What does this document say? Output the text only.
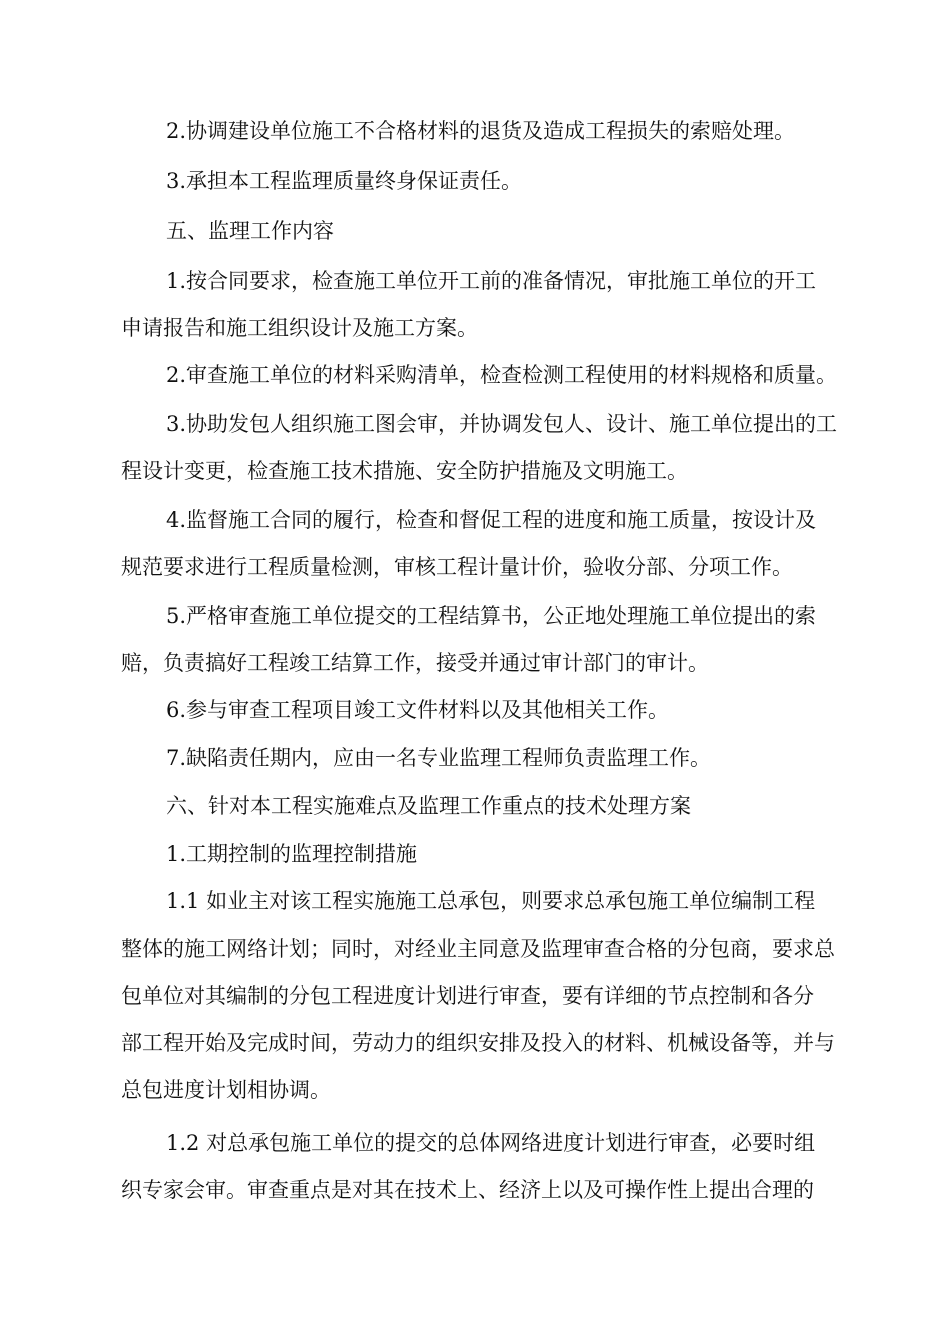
2.协调建设单位施工不合格材料的退货及造成工程损失的索赔处理。
3.承担本工程监理质量终身保证责任。
五、监理工作内容
1.按合同要求，检查施工单位开工前的准备情况，审批施工单位的开工
申请报告和施工组织设计及施工方案。
2.审查施工单位的材料采购清单，检查检测工程使用的材料规格和质量。
3.协助发包人组织施工图会审，并协调发包人、设计、施工单位提出的工
程设计变更，检查施工技术措施、安全防护措施及文明施工。
4.监督施工合同的履行，检查和督促工程的进度和施工质量，按设计及
规范要求进行工程质量检测，审核工程计量计价，验收分部、分项工作。
5.严格审查施工单位提交的工程结算书，公正地处理施工单位提出的索
赔，负责搞好工程竣工结算工作，接受并通过审计部门的审计。
6.参与审查工程项目竣工文件材料以及其他相关工作。
7.缺陷责任期内，应由一名专业监理工程师负责监理工作。
六、针对本工程实施难点及监理工作重点的技术处理方案
1.工期控制的监理控制措施
1.1 如业主对该工程实施施工总承包，则要求总承包施工单位编制工程
整体的施工网络计划；同时，对经业主同意及监理审查合格的分包商，要求总
包单位对其编制的分包工程进度计划进行审查，要有详细的节点控制和各分
部工程开始及完成时间，劳动力的组织安排及投入的材料、机械设备等，并与
总包进度计划相协调。
1.2 对总承包施工单位的提交的总体网络进度计划进行审查，必要时组
织专家会审。审查重点是对其在技术上、经济上以及可操作性上提出合理的
